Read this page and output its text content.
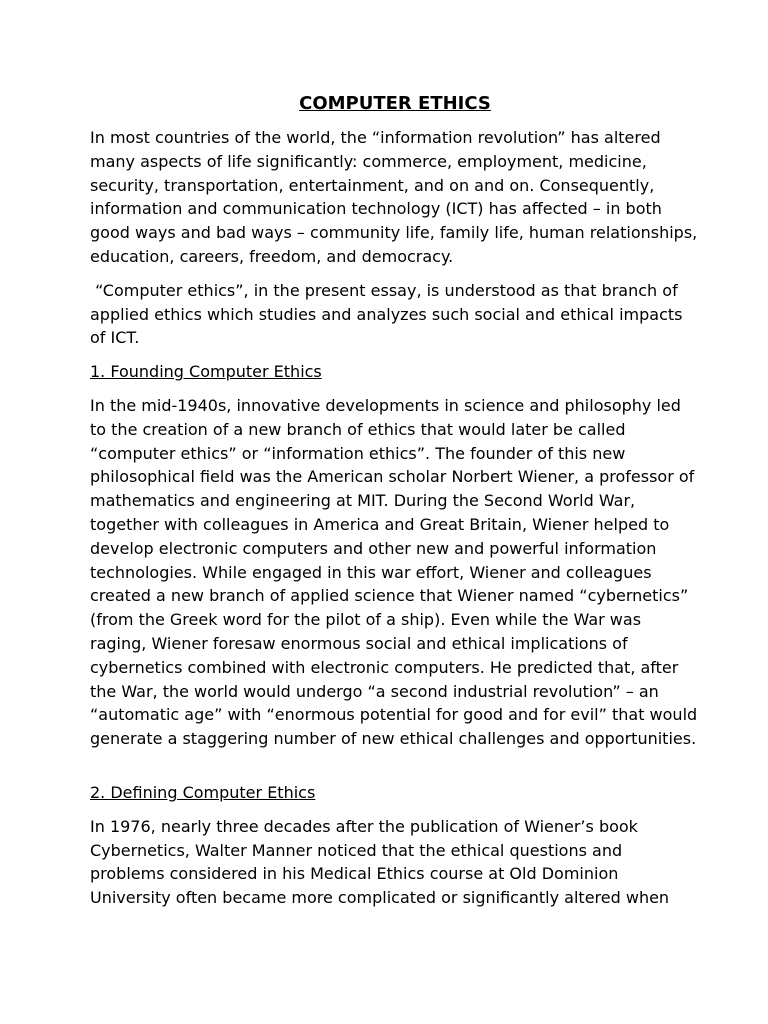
COMPUTER ETHICS

In most countries of the world, the “information revolution” has altered many aspects of life significantly: commerce, employment, medicine, security, transportation, entertainment, and on and on. Consequently, information and communication technology (ICT) has affected – in both good ways and bad ways – community life, family life, human relationships, education, careers, freedom, and democracy.

“Computer ethics”, in the present essay, is understood as that branch of applied ethics which studies and analyzes such social and ethical impacts of ICT.

1. Founding Computer Ethics

In the mid-1940s, innovative developments in science and philosophy led to the creation of a new branch of ethics that would later be called “computer ethics” or “information ethics”. The founder of this new philosophical field was the American scholar Norbert Wiener, a professor of mathematics and engineering at MIT. During the Second World War, together with colleagues in America and Great Britain, Wiener helped to develop electronic computers and other new and powerful information technologies. While engaged in this war effort, Wiener and colleagues created a new branch of applied science that Wiener named “cybernetics” (from the Greek word for the pilot of a ship). Even while the War was raging, Wiener foresaw enormous social and ethical implications of cybernetics combined with electronic computers. He predicted that, after the War, the world would undergo “a second industrial revolution” – an “automatic age” with “enormous potential for good and for evil” that would generate a staggering number of new ethical challenges and opportunities.

2. Defining Computer Ethics

In 1976, nearly three decades after the publication of Wiener’s book Cybernetics, Walter Manner noticed that the ethical questions and problems considered in his Medical Ethics course at Old Dominion University often became more complicated or significantly altered when
